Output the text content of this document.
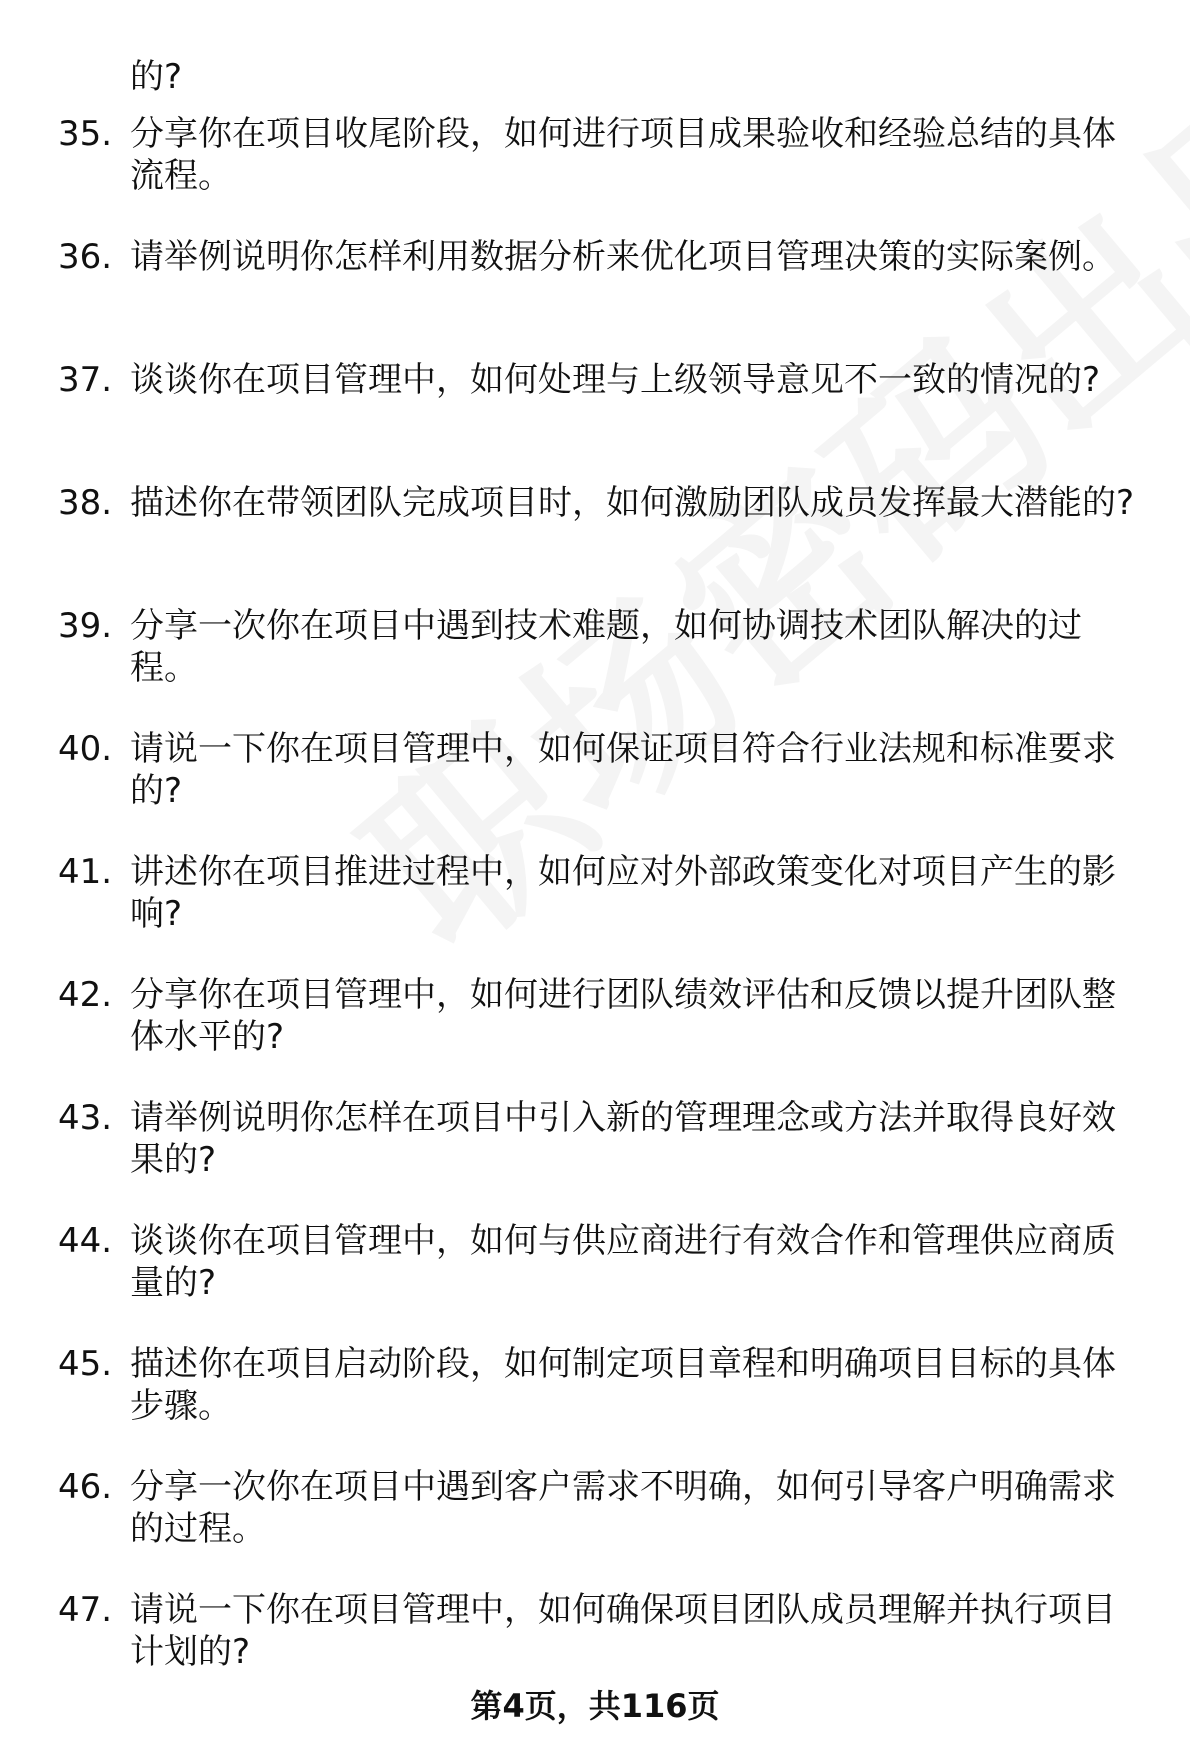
的?

35. 分享你在项目收尾阶段，如何进行项目成果验收和经验总结的具体流程。
36. 请举例说明你怎样利用数据分析来优化项目管理决策的实际案例。
37. 谈谈你在项目管理中，如何处理与上级领导意见不一致的情况的?
38. 描述你在带领团队完成项目时，如何激励团队成员发挥最大潜能的?
39. 分享一次你在项目中遇到技术难题，如何协调技术团队解决的过程。
40. 请说一下你在项目管理中，如何保证项目符合行业法规和标准要求的?
41. 讲述你在项目推进过程中，如何应对外部政策变化对项目产生的影响?
42. 分享你在项目管理中，如何进行团队绩效评估和反馈以提升团队整体水平的?
43. 请举例说明你怎样在项目中引入新的管理理念或方法并取得良好效果的?
44. 谈谈你在项目管理中，如何与供应商进行有效合作和管理供应商质量的?
45. 描述你在项目启动阶段，如何制定项目章程和明确项目目标的具体步骤。
46. 分享一次你在项目中遇到客户需求不明确，如何引导客户明确需求的过程。
47. 请说一下你在项目管理中，如何确保项目团队成员理解并执行项目计划的?
第4页，共116页
